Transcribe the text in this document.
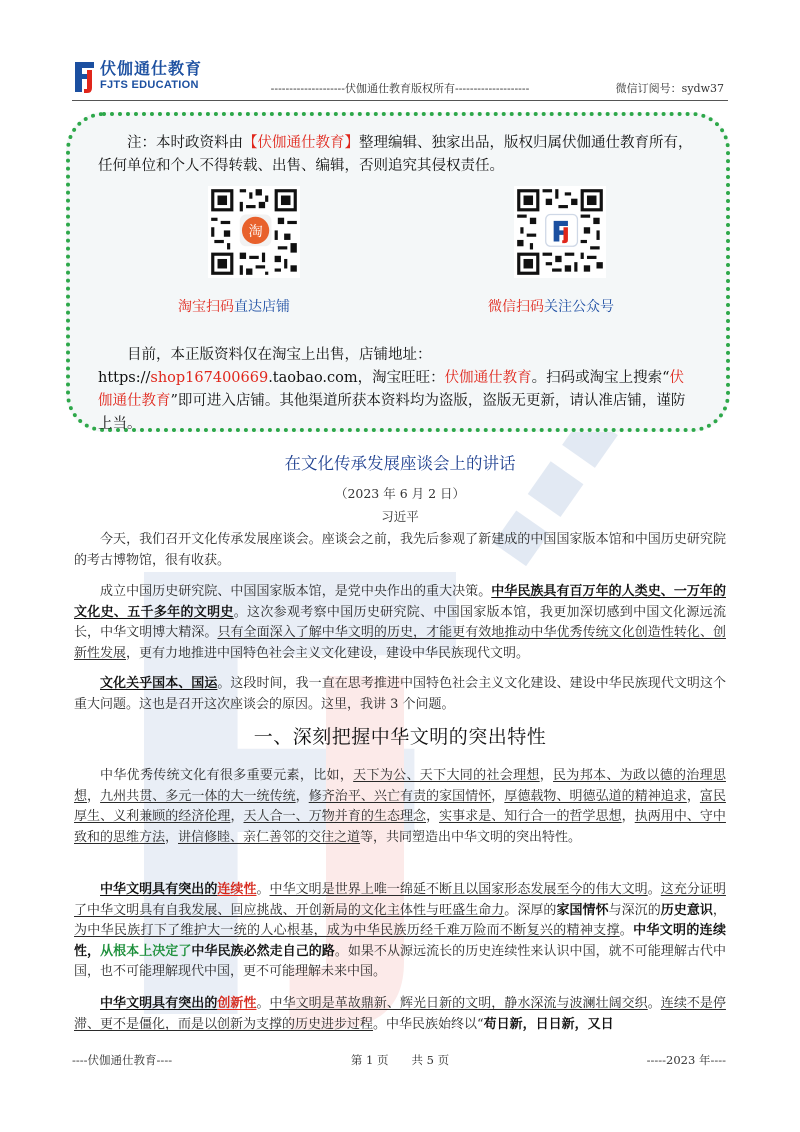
伏伽通仕教育
FJTS EDUCATION	--------------------伏伽通仕教育版权所有--------------------	微信订阅号：sydw37
注：本时政资料由【伏伽通仕教育】整理编辑、独家出品，版权归属伏伽通仕教育所有，任何单位和个人不得转载、出售、编辑，否则追究其侵权责任。
淘
淘宝扫码直达店铺	微信扫码关注公众号
目前，本正版资料仅在淘宝上出售，店铺地址：https://shop167400669.taobao.com，淘宝旺旺：伏伽通仕教育。扫码或淘宝上搜索“伏伽通仕教育”即可进入店铺。其他渠道所获本资料均为盗版，盗版无更新，请认准店铺，谨防上当。
在文化传承发展座谈会上的讲话
（2023 年 6 月 2 日）
习近平
今天，我们召开文化传承发展座谈会。座谈会之前，我先后参观了新建成的中国国家版本馆和中国历史研究院的考古博物馆，很有收获。
成立中国历史研究院、中国国家版本馆，是党中央作出的重大决策。中华民族具有百万年的人类史、一万年的文化史、五千多年的文明史。这次参观考察中国历史研究院、中国国家版本馆，我更加深切感到中国文化源远流长，中华文明博大精深。只有全面深入了解中华文明的历史，才能更有效地推动中华优秀传统文化创造性转化、创新性发展，更有力地推进中国特色社会主义文化建设，建设中华民族现代文明。
文化关乎国本、国运。这段时间，我一直在思考推进中国特色社会主义文化建设、建设中华民族现代文明这个重大问题。这也是召开这次座谈会的原因。这里，我讲 3 个问题。
一、深刻把握中华文明的突出特性
中华优秀传统文化有很多重要元素，比如，天下为公、天下大同的社会理想，民为邦本、为政以德的治理思想，九州共贯、多元一体的大一统传统，修齐治平、兴亡有责的家国情怀，厚德载物、明德弘道的精神追求，富民厚生、义利兼顾的经济伦理，天人合一、万物并育的生态理念，实事求是、知行合一的哲学思想，执两用中、守中致和的思维方法，讲信修睦、亲仁善邻的交往之道等，共同塑造出中华文明的突出特性。
中华文明具有突出的连续性。中华文明是世界上唯一绵延不断且以国家形态发展至今的伟大文明。这充分证明了中华文明具有自我发展、回应挑战、开创新局的文化主体性与旺盛生命力。深厚的家国情怀与深沉的历史意识，为中华民族打下了维护大一统的人心根基，成为中华民族历经千难万险而不断复兴的精神支撑。中华文明的连续性，从根本上决定了中华民族必然走自己的路。如果不从源远流长的历史连续性来认识中国，就不可能理解古代中国，也不可能理解现代中国，更不可能理解未来中国。
中华文明具有突出的创新性。中华文明是革故鼎新、辉光日新的文明，静水深流与波澜壮阔交织。连续不是停滞、更不是僵化，而是以创新为支撑的历史进步过程。中华民族始终以“苟日新，日日新，又日
----伏伽通仕教育----	第 1 页　　共 5 页	-----2023 年----
